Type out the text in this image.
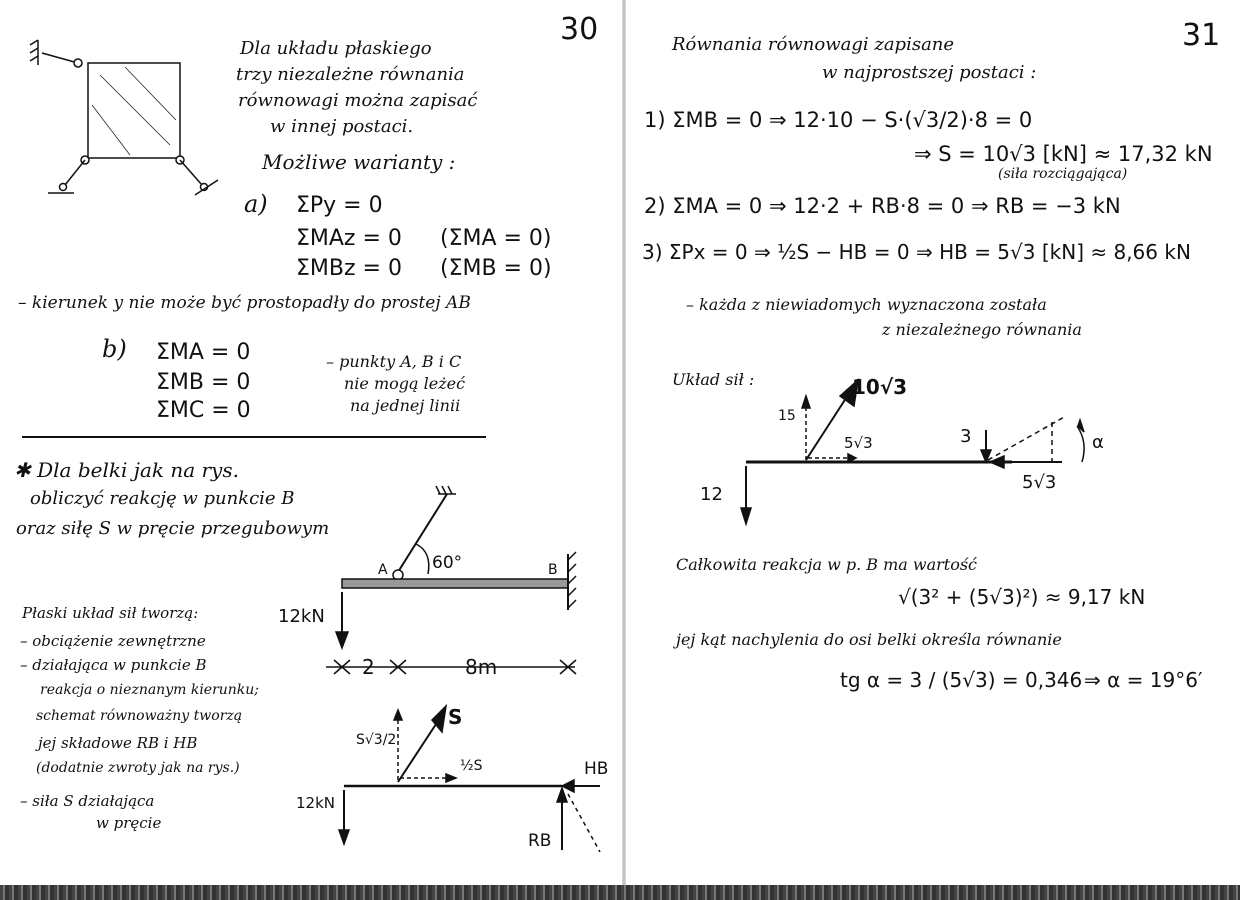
30
Dla układu płaskiego
trzy niezależne równania
równowagi można zapisać
w innej postaci.
Możliwe warianty :
a) ΣPy = 0
ΣMAz = 0
ΣMBz = 0
(ΣMA = 0)
(ΣMB = 0)
– kierunek y nie może być prostopadły do prostej AB
b) ΣMA = 0
ΣMB = 0
ΣMC = 0
– punkty A, B i C
nie mogą leżeć
na jednej linii
✱ Dla belki jak na rys.
obliczyć reakcję w punkcie B
oraz siłę S w pręcie przegubowym
A	B
60°
12kN
2	8m
Płaski układ sił tworzą:
– obciążenie zewnętrzne
– działająca w punkcie B
reakcja o nieznanym kierunku;
schemat równoważny tworzą
jej składowe RB i HB
(dodatnie zwroty jak na rys.)
– siła S działająca
w pręcie
S
S√3/2
½S	HB
RB
12kN
31
Równania równowagi zapisane
w najprostszej postaci :
1) ΣMB = 0 ⇒ 12·10 − S·(√3/2)·8 = 0
⇒ S = 10√3 [kN] ≈ 17,32 kN
(siła rozciągająca)
2) ΣMA = 0 ⇒ 12·2 + RB·8 = 0 ⇒ RB = −3 kN
3) ΣPx = 0 ⇒ ½S − HB = 0 ⇒ HB = 5√3 [kN] ≈ 8,66 kN
– każda z niewiadomych wyznaczona została
z niezależnego równania
Układ sił :	10√3
15
5√3	3	α
5√3
12
Całkowita reakcja w p. B ma wartość
√(3² + (5√3)²) ≈ 9,17 kN
jej kąt nachylenia do osi belki określa równanie
tg α = 3 / (5√3) = 0,346 ⇒ α = 19°6′
